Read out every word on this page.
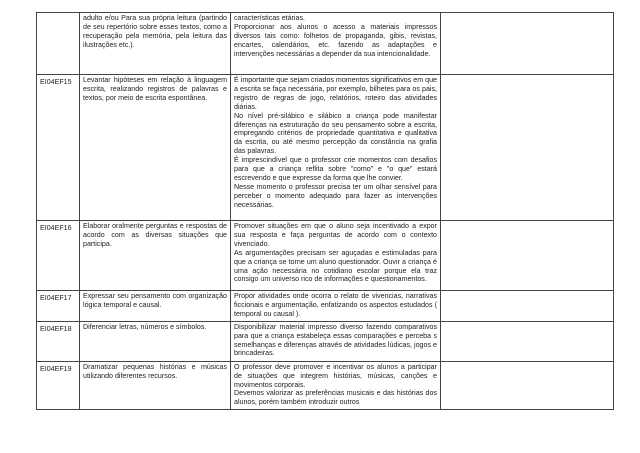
	adulto e/ou Para sua própria leitura (partindo de seu repertório sobre esses textos, como a recuperação pela memória, pela leitura das ilustrações etc.).	características etárias.
Proporcionar aos alunos o acesso a materiais impressos diversos tais como: folhetos de propaganda, gibis, revistas, encartes, calendários, etc. fazendo as adaptações e intervenções necessárias a depender da sua intencionalidade.	

EI04EF15	Levantar hipóteses em relação à linguagem escrita, realizando registros de palavras e textos, por meio de escrita espontânea.	É importante que sejam criados momentos significativos em que a escrita se faça necessária, por exemplo, bilhetes para os pais, registro de regras de jogo, relatórios, roteiro das atividades diárias.
No nível pré-silábico e silábico a criança pode manifestar diferenças na estruturação do seu pensamento sobre a escrita, empregando critérios de propriedade quantitativa e qualitativa da escrita, ou até mesmo percepção da constância na grafia das palavras.
É imprescindível que o professor crie momentos com desafios para que a criança reflita sobre "como" e "o que" estará escrevendo e que expresse da forma que lhe convier.
Nesse momento o professor precisa ter um olhar sensível para perceber o momento adequado para fazer as intervenções necessárias.	

EI04EF16	Elaborar oralmente perguntas e respostas de acordo com as diversas situações que participa.	Promover situações em que o aluno seja incentivado a expor sua resposta e faça perguntas de acordo com o contexto vivenciado.
As argumentações precisam ser aguçadas e estimuladas para que a criança se torne um aluno questionador. Ouvir a criança é uma ação necessária no cotidiano escolar porque ela traz consigo um universo rico de informações e questionamentos.	

EI04EF17	Expressar seu pensamento com organização lógica temporal e causal.	Propor atividades onde ocorra o relato de vivencias, narrativas ficcionais e argumentação, enfatizando os aspectos estudados ( temporal ou causal ).	

EI04EF18	Diferenciar letras, números e símbolos.	Disponibilizar material impresso diverso fazendo comparativos para que a criança estabeleça essas comparações e perceba s semelhanças e diferenças através de atividades lúdicas, jogos e brincadeiras.	

EI04EF19	Dramatizar pequenas histórias e músicas utilizando diferentes recursos.	O professor deve promover e incentivar os alunos a participar de situações que integrem histórias, músicas, canções e movimentos corporais.
Devemos valorizar as preferências musicais e das histórias dos alunos, porém também introduzir outros	
